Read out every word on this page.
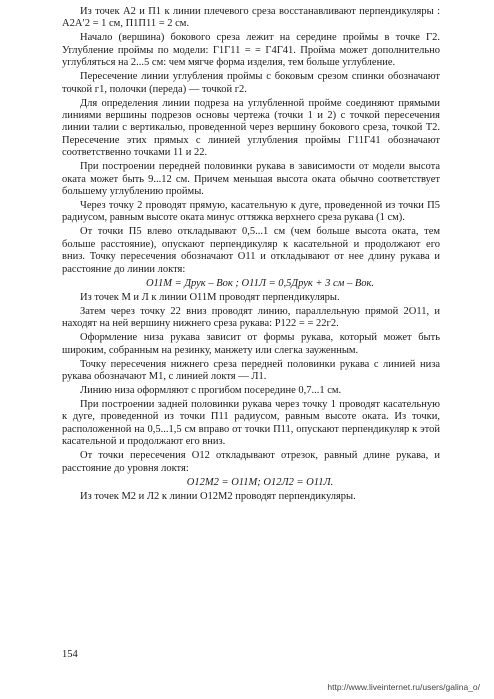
Из точек А2 и П1 к линии плечевого среза восстанавливают перпендикуляры : А2А′2 = 1 см, П1П11 = 2 см.

Начало (вершина) бокового среза лежит на середине проймы в точке Г2. Углубление проймы по модели: Г1Г11 = = Г4Г41. Пройма может дополнительно углубляться на 2...5 см: чем мягче форма изделия, тем больше углубление.

Пересечение линии углубления проймы с боковым срезом спинки обозначают точкой г1, полочки (переда) — точкой г2.

Для определения линии подреза на углубленной пройме соединяют прямыми линиями вершины подрезов основы чертежа (точки 1 и 2) с точкой пересечения линии талии с вертикалью, проведенной через вершину бокового среза, точкой Т2. Пересечение этих прямых с линией углубления проймы Г11Г41 обозначают соответственно точками 11 и 22.

При построении передней половинки рукава в зависимости от модели высота оката может быть 9...12 см. Причем меньшая высота оката обычно соответствует большему углублению проймы.

Через точку 2 проводят прямую, касательную к дуге, проведенной из точки П5 радиусом, равным высоте оката минус оттяжка верхнего среза рукава (1 см).

От точки П5 влево откладывают 0,5...1 см (чем больше высота оката, тем больше расстояние), опускают перпендикуляр к касательной и продолжают его вниз. Точку пересечения обозначают О11 и откладывают от нее длину рукава и расстояние до линии локтя:

О11М = Друк – Вок ; О11Л = 0,5Друк + 3 см – Вок.

Из точек М и Л к линии О11М проводят перпендикуляры.

Затем через точку 22 вниз проводят линию, параллельную прямой 2О11, и находят на ней вершину нижнего среза рукава: Р122 = = 22г2.

Оформление низа рукава зависит от формы рукава, который может быть широким, собранным на резинку, манжету или слегка зауженным.

Точку пересечения нижнего среза передней половинки рукава с линией низа рукава обозначают М1, с линией локтя — Л1.

Линию низа оформляют с прогибом посередине 0,7...1 см.

При построении задней половинки рукава через точку 1 проводят касательную к дуге, проведенной из точки П11 радиусом, равным высоте оката. Из точки, расположенной на 0,5...1,5 см вправо от точки П11, опускают перпендикуляр к этой касательной и продолжают его вниз.

От точки пересечения О12 откладывают отрезок, равный длине рукава, и расстояние до уровня локтя:

О12М2 = О11М; О12Л2 = О11Л.

Из точек М2 и Л2 к линии О12М2 проводят перпендикуляры.

154
http://www.liveinternet.ru/users/galina_o/
